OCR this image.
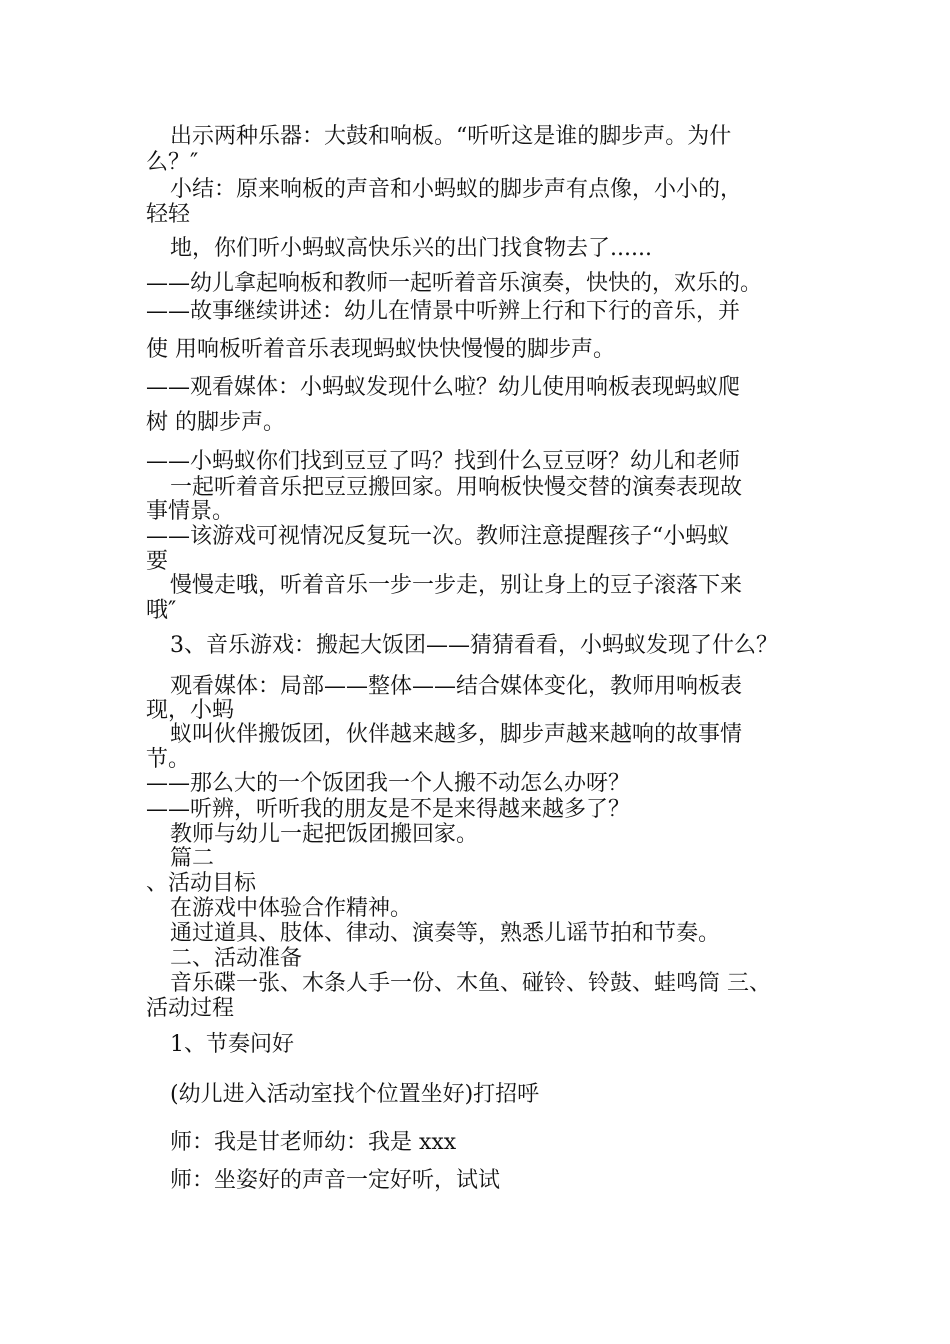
出示两种乐器：大鼓和响板。“听听这是谁的脚步声。为什
么？″
小结：原来响板的声音和小蚂蚁的脚步声有点像，小小的，
轻轻
地，你们听小蚂蚁高快乐兴的出门找食物去了......
——幼儿拿起响板和教师一起听着音乐演奏，快快的，欢乐的。
——故事继续讲述：幼儿在情景中听辨上行和下行的音乐，并
使 用响板听着音乐表现蚂蚁快快慢慢的脚步声。
——观看媒体：小蚂蚁发现什么啦？幼儿使用响板表现蚂蚁爬
树 的脚步声。
——小蚂蚁你们找到豆豆了吗？找到什么豆豆呀？幼儿和老师
一起听着音乐把豆豆搬回家。用响板快慢交替的演奏表现故
事情景。
——该游戏可视情况反复玩一次。教师注意提醒孩子“小蚂蚁
要
慢慢走哦，听着音乐一步一步走，别让身上的豆子滚落下来
哦″
3、音乐游戏：搬起大饭团——猜猜看看，小蚂蚁发现了什么？
观看媒体：局部——整体——结合媒体变化，教师用响板表
现，小蚂
蚁叫伙伴搬饭团，伙伴越来越多，脚步声越来越响的故事情
节。
——那么大的一个饭团我一个人搬不动怎么办呀？
——听辨，听听我的朋友是不是来得越来越多了？
教师与幼儿一起把饭团搬回家。
篇二
、活动目标
在游戏中体验合作精神。
通过道具、肢体、律动、演奏等，熟悉儿谣节拍和节奏。
二、活动准备
音乐碟一张、木条人手一份、木鱼、碰铃、铃鼓、蛙鸣筒 三、
活动过程
1、节奏问好
(幼儿进入活动室找个位置坐好)打招呼
师：我是甘老师幼：我是 xxx
师：坐姿好的声音一定好听，试试
